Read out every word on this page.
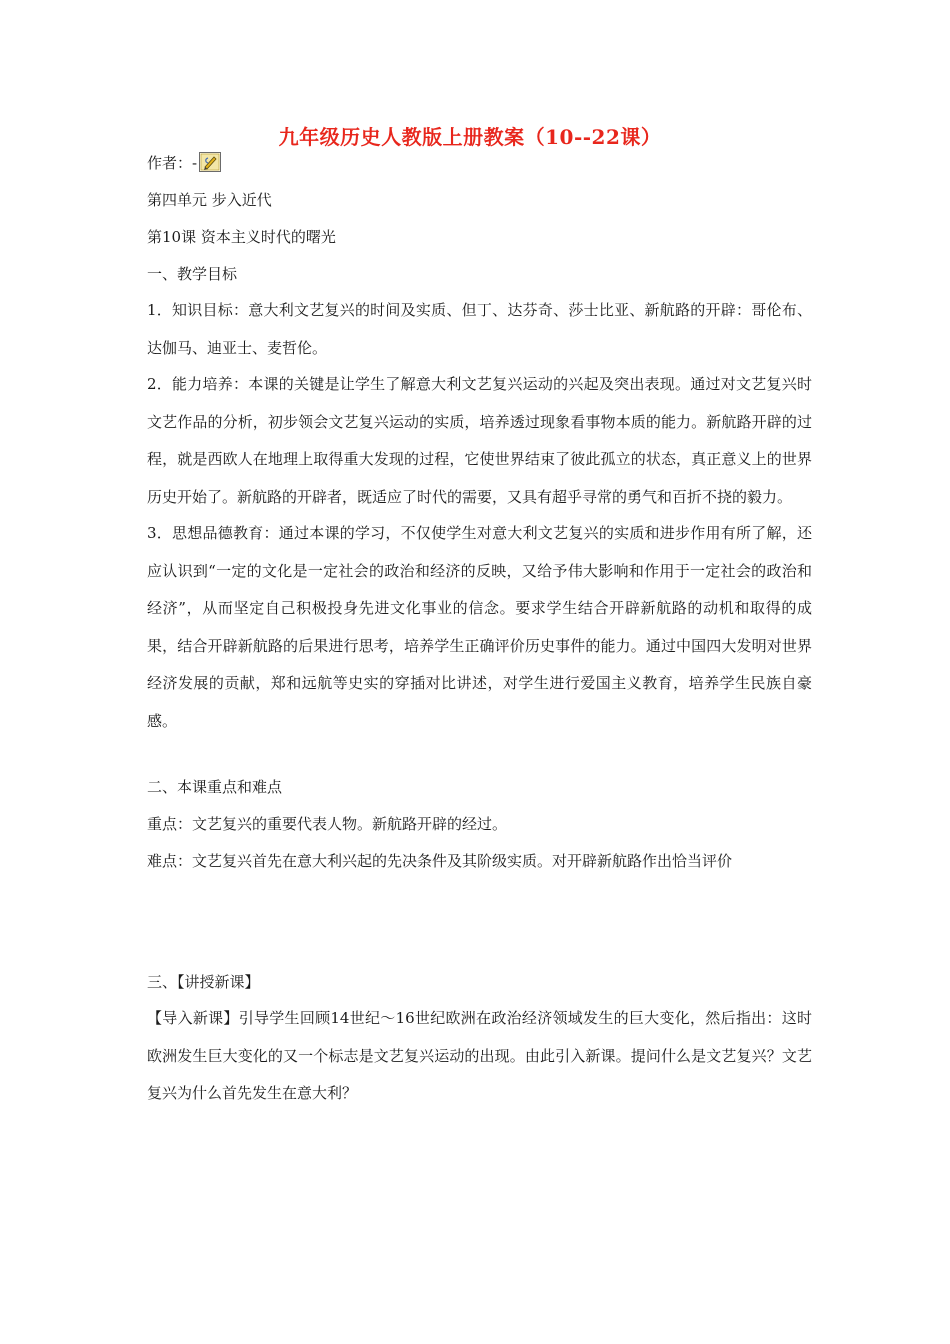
九年级历史人教版上册教案（10--22课）
作者：-
第四单元 步入近代
第10课 资本主义时代的曙光
一、教学目标
1．知识目标：意大利文艺复兴的时间及实质、但丁、达芬奇、莎士比亚、新航路的开辟：哥伦布、达伽马、迪亚士、麦哲伦。
2．能力培养：本课的关键是让学生了解意大利文艺复兴运动的兴起及突出表现。通过对文艺复兴时文艺作品的分析，初步领会文艺复兴运动的实质，培养透过现象看事物本质的能力。新航路开辟的过程，就是西欧人在地理上取得重大发现的过程，它使世界结束了彼此孤立的状态，真正意义上的世界历史开始了。新航路的开辟者，既适应了时代的需要，又具有超乎寻常的勇气和百折不挠的毅力。
3．思想品德教育：通过本课的学习，不仅使学生对意大利文艺复兴的实质和进步作用有所了解，还应认识到“一定的文化是一定社会的政治和经济的反映，又给予伟大影响和作用于一定社会的政治和经济”，从而坚定自己积极投身先进文化事业的信念。要求学生结合开辟新航路的动机和取得的成果，结合开辟新航路的后果进行思考，培养学生正确评价历史事件的能力。通过中国四大发明对世界经济发展的贡献，郑和远航等史实的穿插对比讲述，对学生进行爱国主义教育，培养学生民族自豪感。
二、本课重点和难点
重点：文艺复兴的重要代表人物。新航路开辟的经过。
难点：文艺复兴首先在意大利兴起的先决条件及其阶级实质。对开辟新航路作出恰当评价
三、【讲授新课】
【导入新课】引导学生回顾14世纪～16世纪欧洲在政治经济领域发生的巨大变化，然后指出：这时欧洲发生巨大变化的又一个标志是文艺复兴运动的出现。由此引入新课。提问什么是文艺复兴？文艺复兴为什么首先发生在意大利？
